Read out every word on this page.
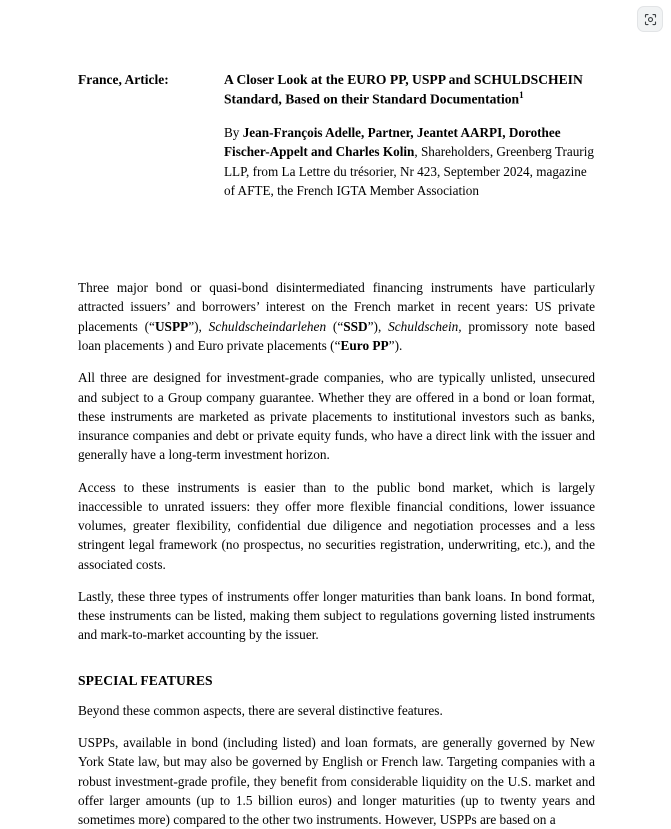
France, Article:	A Closer Look at the EURO PP, USPP and SCHULDSCHEIN
Standard, Based on their Standard Documentation$^1$
By Jean-François Adelle, Partner, Jeantet AARPI, Dorothee Fischer-Appelt and Charles Kolin, Shareholders, Greenberg Traurig LLP, from La Lettre du trésorier, Nr 423, September 2024, magazine of AFTE, the French IGTA Member Association

Three major bond or quasi-bond disintermediated financing instruments have particularly attracted issuers’ and borrowers’ interest on the French market in recent years: US private placements (“USPP”), Schuldscheindarlehen (“SSD”), Schuldschein, promissory note based loan placements ) and Euro private placements (“Euro PP”).

All three are designed for investment-grade companies, who are typically unlisted, unsecured and subject to a Group company guarantee. Whether they are offered in a bond or loan format, these instruments are marketed as private placements to institutional investors such as banks, insurance companies and debt or private equity funds, who have a direct link with the issuer and generally have a long-term investment horizon.

Access to these instruments is easier than to the public bond market, which is largely inaccessible to unrated issuers: they offer more flexible financial conditions, lower issuance volumes, greater flexibility, confidential due diligence and negotiation processes and a less stringent legal framework (no prospectus, no securities registration, underwriting, etc.), and the associated costs.

Lastly, these three types of instruments offer longer maturities than bank loans. In bond format, these instruments can be listed, making them subject to regulations governing listed instruments and mark-to-market accounting by the issuer.

SPECIAL FEATURES

Beyond these common aspects, there are several distinctive features.

USPPs, available in bond (including listed) and loan formats, are generally governed by New York State law, but may also be governed by English or French law. Targeting companies with a robust investment-grade profile, they benefit from considerable liquidity on the U.S. market and offer larger amounts (up to 1.5 billion euros) and longer maturities (up to twenty years and sometimes more) compared to the other two instruments. However, USPPs are based on a
